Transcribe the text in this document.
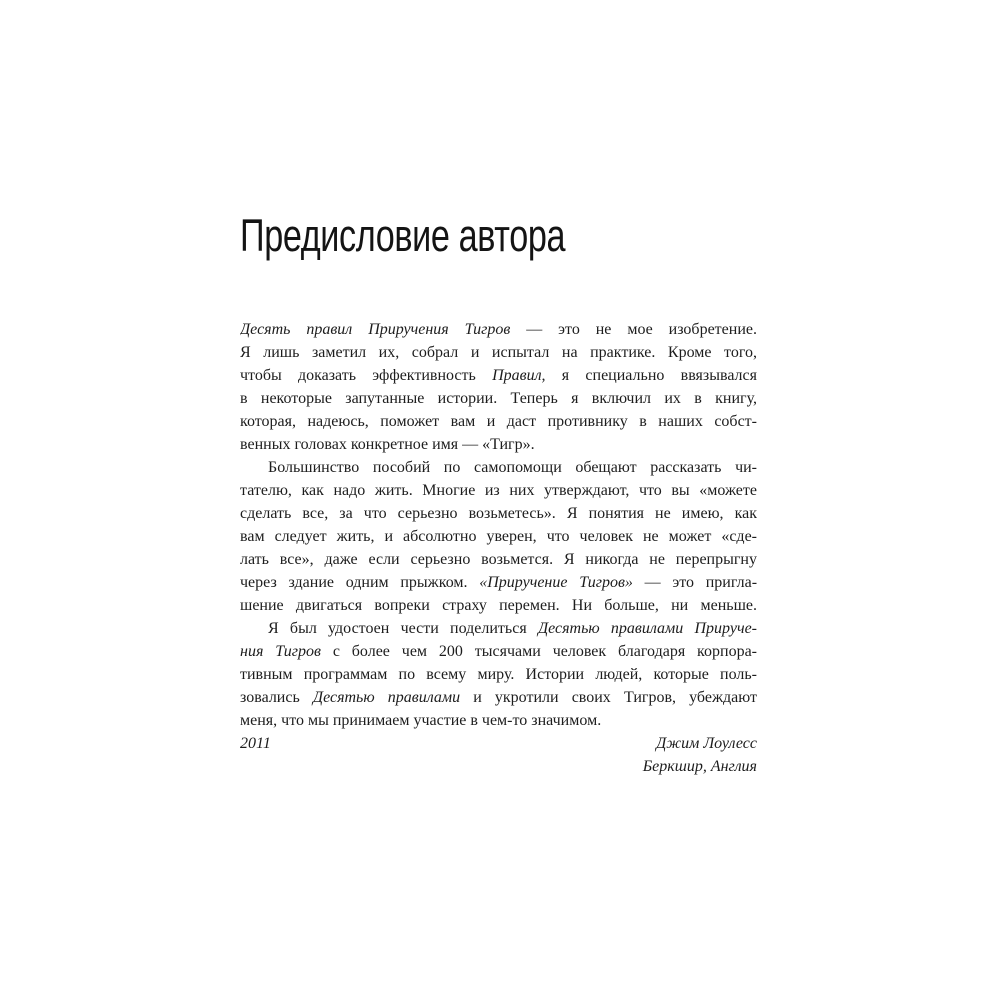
Предисловие автора
Десять правил Приручения Тигров — это не мое изобретение.
Я лишь заметил их, собрал и испытал на практике. Кроме того,
чтобы доказать эффективность Правил, я специально ввязывался
в некоторые запутанные истории. Теперь я включил их в книгу,
которая, надеюсь, поможет вам и даст противнику в наших собст-
венных головах конкретное имя — «Тигр».
Большинство пособий по самопомощи обещают рассказать чи-
тателю, как надо жить. Многие из них утверждают, что вы «можете
сделать все, за что серьезно возьметесь». Я понятия не имею, как
вам следует жить, и абсолютно уверен, что человек не может «сде-
лать все», даже если серьезно возьмется. Я никогда не перепрыгну
через здание одним прыжком. «Приручение Тигров» — это пригла-
шение двигаться вопреки страху перемен. Ни больше, ни меньше.
Я был удостоен чести поделиться Десятью правилами Прируче-
ния Тигров с более чем 200 тысячами человек благодаря корпора-
тивным программам по всему миру. Истории людей, которые поль-
зовались Десятью правилами и укротили своих Тигров, убеждают
меня, что мы принимаем участие в чем-то значимом.
2011	Джим Лоулесс
Беркшир, Англия
